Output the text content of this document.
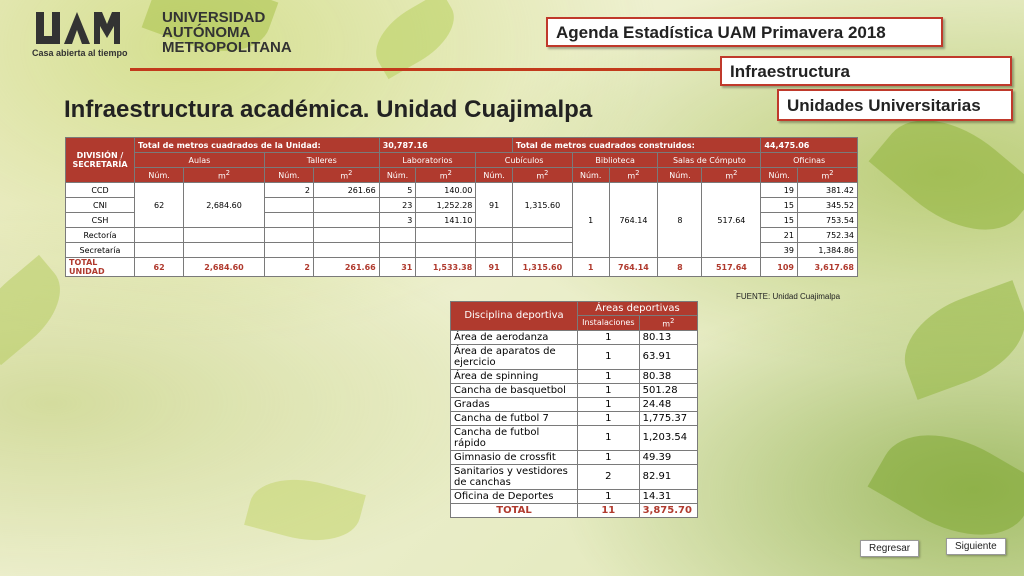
UNIVERSIDAD
AUTÓNOMA
METROPOLITANA
Casa abierta al tiempo
Agenda Estadística UAM Primavera 2018
Infraestructura
Unidades Universitarias
Infraestructura académica. Unidad Cuajimalpa
DIVISIÓN / SECRETARÍA	Total de metros cuadrados de la Unidad:				30,787.16			Total de metros cuadrados construidos:					44,475.06	
	Aulas		Talleres		Laboratorios		Cubículos		Biblioteca		Salas de Cómputo		Oficinas	
	Núm.	$m^2$	Núm.	$m^2$	Núm.	$m^2$	Núm.	$m^2$	Núm.	$m^2$	Núm.	$m^2$	Núm.	$m^2$
CCD	62	2,684.60	2	261.66	5	140.00	91	1,315.60	1	764.14	8	517.64	19	381.42
CNI					23	1,252.28							15	345.52
CSH					3	141.10							15	753.54
Rectoría													21	752.34
Secretaría													39	1,384.86
TOTAL UNIDAD	62	2,684.60	2	261.66	31	1,533.38	91	1,315.60	1	764.14	8	517.64	109	3,617.68
FUENTE: Unidad Cuajimalpa
Disciplina deportiva	Áreas deportivas	
	Instalaciones	$m^2$
Área de aerodanza	1	80.13
Área de aparatos de ejercicio	1	63.91
Área de spinning	1	80.38
Cancha de basquetbol	1	501.28
Gradas	1	24.48
Cancha de futbol 7	1	1,775.37
Cancha de futbol rápido	1	1,203.54
Gimnasio de crossfit	1	49.39
Sanitarios y vestidores de canchas	2	82.91
Oficina de Deportes	1	14.31
TOTAL	11	3,875.70
Regresar	Siguiente
